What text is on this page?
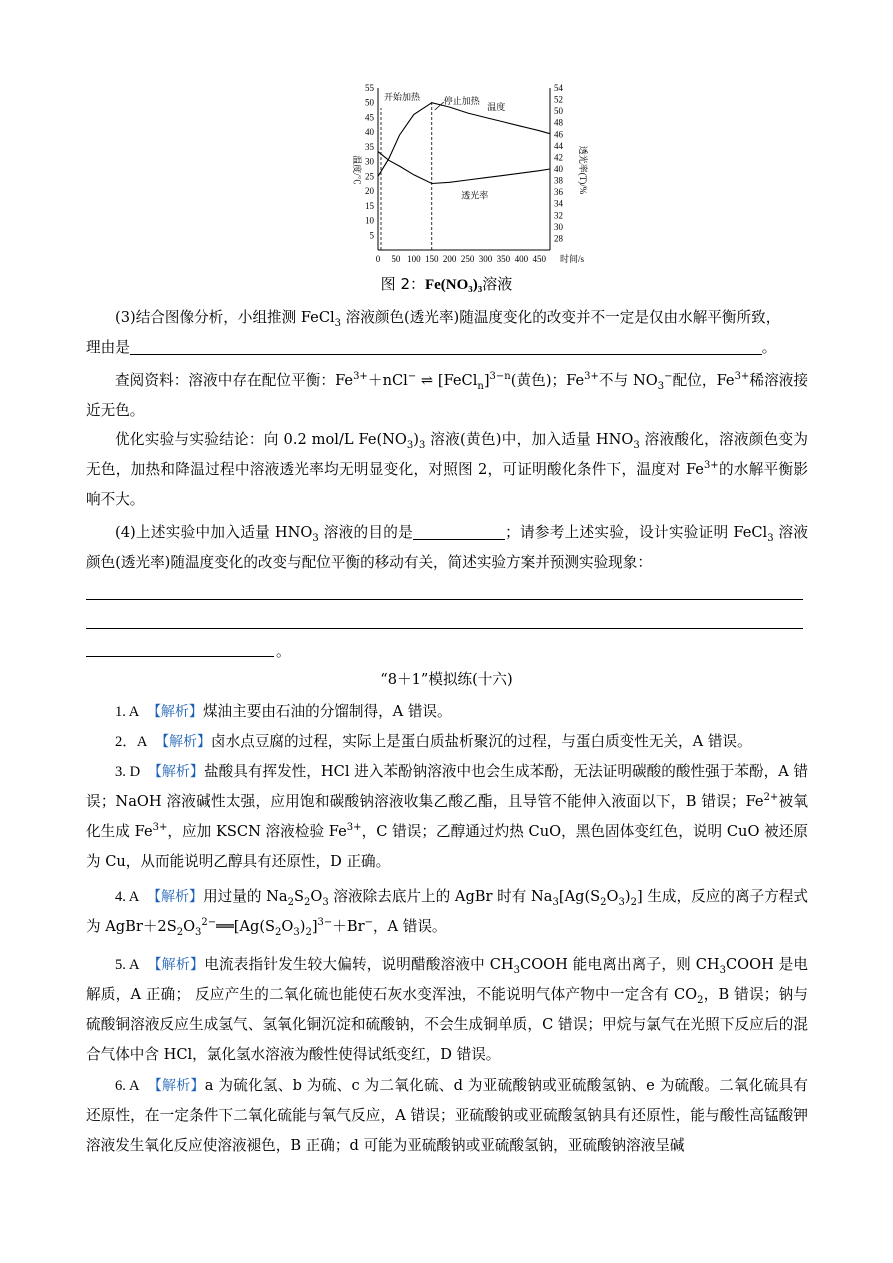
0 50 100 150 200 250 300 350 400 450
5
10
15
20
25
30
35
40
45
50
55
28
30
32
34
36
38
40
42
44
46
48
50
52
54
时间/s
温度/℃	透光率(T)/%
温度
透光率
开始加热	停止加热
图 2：Fe(NO₃)₃溶液

(3)结合图像分析，小组推测 FeCl$_3$ 溶液颜色(透光率)随温度变化的改变并不一定是仅由水解平衡所致，
理由是	。

查阅资料：溶液中存在配位平衡：$Fe^{3+}+nCl^-$ ⇌ [FeCl$_n$]$^{3-n}$(黄色)；$Fe^{3+}$不与 $NO_3^-$配位，$Fe^{3+}$稀溶液接近无色。

优化实验与实验结论：向 0.2 mol/L $Fe(NO_3)_3$ 溶液(黄色)中，加入适量 $HNO_3$ 溶液酸化，溶液颜色变为无色，加热和降温过程中溶液透光率均无明显变化，对照图 2，可证明酸化条件下，温度对 $Fe^{3+}$的水解平衡影响不大。

(4)上述实验中加入适量 $HNO_3$ 溶液的目的是	；请参考上述实验，设计实验证明 FeCl$_3$ 溶液颜色(透光率)随温度变化的改变与配位平衡的移动有关，简述实验方案并预测实验现象：

。
“8＋1”模拟练(十六)

1. A　 【解析】煤油主要由石油的分馏制得，A 错误。

2．A　 【解析】卤水点豆腐的过程，实际上是蛋白质盐析聚沉的过程，与蛋白质变性无关，A 错误。

3. D　 【解析】盐酸具有挥发性，HCl 进入苯酚钠溶液中也会生成苯酚，无法证明碳酸的酸性强于苯酚，A 错误；NaOH 溶液碱性太强，应用饱和碳酸钠溶液收集乙酸乙酯，且导管不能伸入液面以下，B 错误；$Fe^{2+}$被氧化生成 $Fe^{3+}$，应加 KSCN 溶液检验 $Fe^{3+}$，C 错误；乙醇通过灼热 CuO，黑色固体变红色，说明 CuO 被还原为 Cu，从而能说明乙醇具有还原性，D 正确。

4. A　 【解析】用过量的 $Na_2S_2O_3$ 溶液除去底片上的 AgBr 时有 $Na_3[Ag(S_2O_3)_2]$ 生成，反应的离子方程式为 $AgBr+2S_2O_3^{2-}══[Ag(S_2O_3)_2]^{3-}+Br^-$，A 错误。

5. A　 【解析】电流表指针发生较大偏转，说明醋酸溶液中 $CH_3COOH$ 能电离出离子，则 $CH_3COOH$ 是电解质，A 正确； 反应产生的二氧化硫也能使石灰水变浑浊，不能说明气体产物中一定含有 $CO_2$，B 错误；钠与硫酸铜溶液反应生成氢气、氢氧化铜沉淀和硫酸钠，不会生成铜单质，C 错误；甲烷与氯气在光照下反应后的混合气体中含 HCl，氯化氢水溶液为酸性使得试纸变红，D 错误。

6. A　 【解析】a 为硫化氢、b 为硫、c 为二氧化硫、d 为亚硫酸钠或亚硫酸氢钠、e 为硫酸。二氧化硫具有还原性，在一定条件下二氧化硫能与氧气反应，A 错误；亚硫酸钠或亚硫酸氢钠具有还原性，能与酸性高锰酸钾溶液发生氧化反应使溶液褪色，B 正确；d 可能为亚硫酸钠或亚硫酸氢钠，亚硫酸钠溶液呈碱
